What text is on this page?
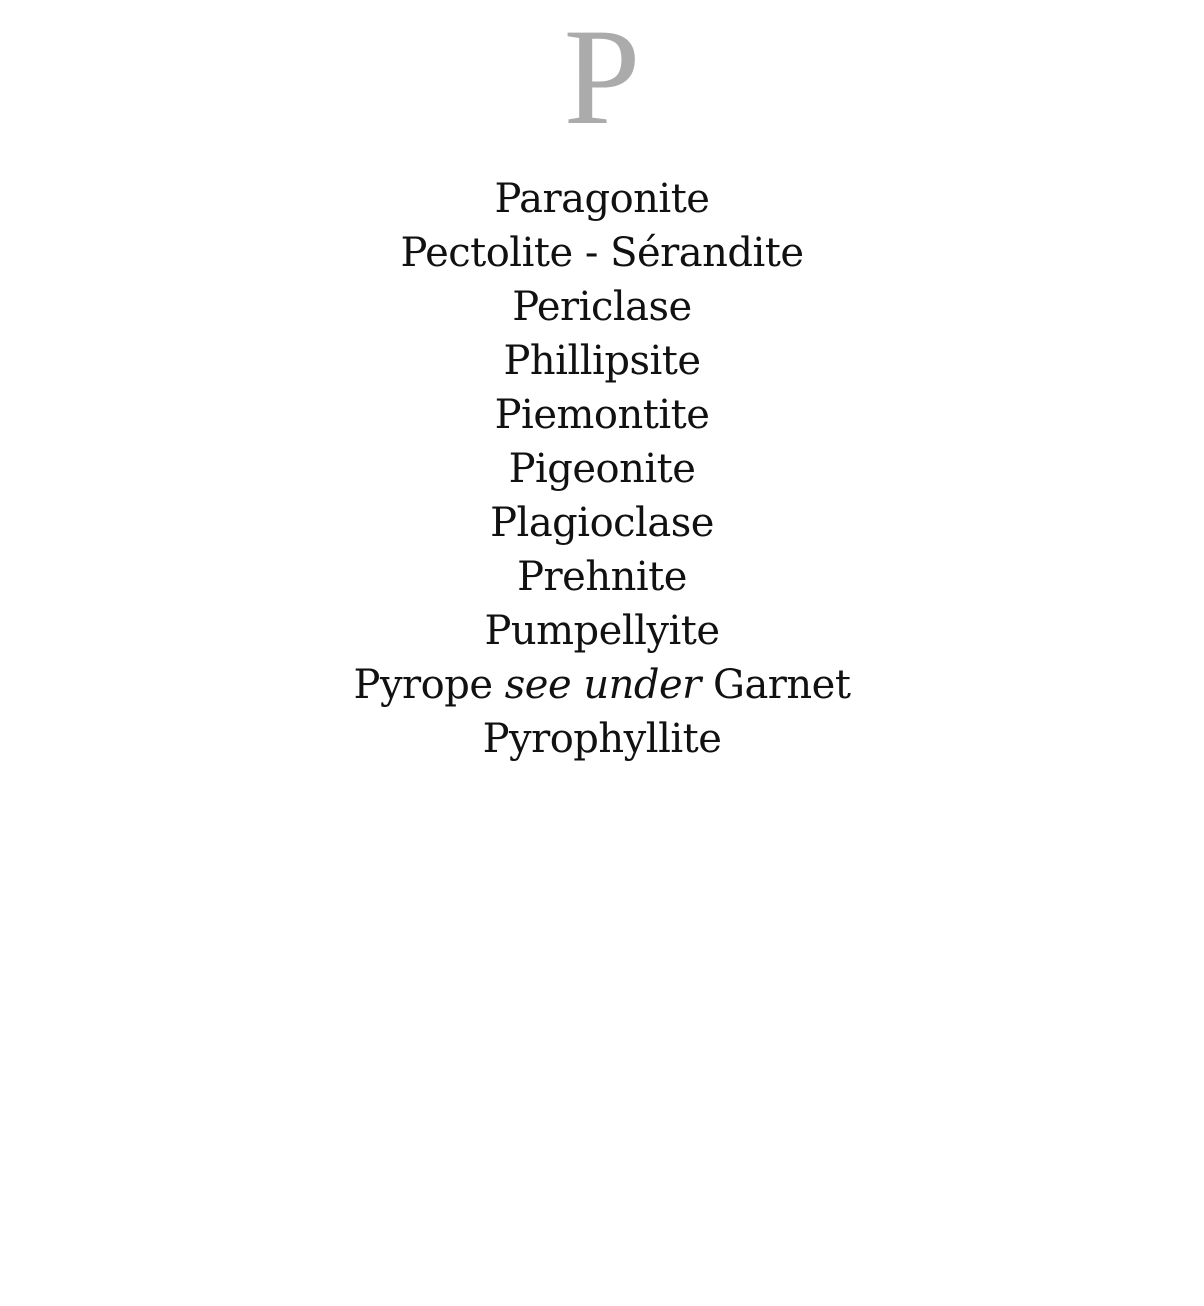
P
Paragonite
Pectolite - Sérandite
Periclase
Phillipsite
Piemontite
Pigeonite
Plagioclase
Prehnite
Pumpellyite
Pyrope see under Garnet
Pyrophyllite
